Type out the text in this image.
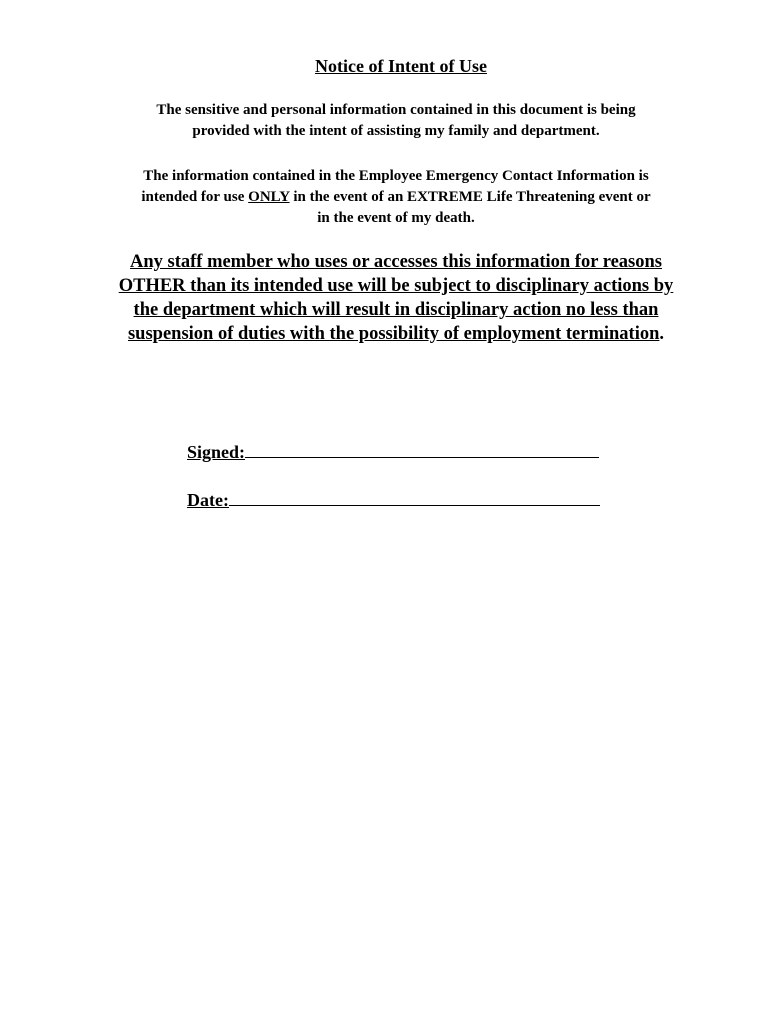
Notice of Intent of Use

The sensitive and personal information contained in this document is being
provided with the intent of assisting my family and department.

The information contained in the Employee Emergency Contact Information is
intended for use ONLY in the event of an EXTREME Life Threatening event or
in the event of my death.

Any staff member who uses or accesses this information for reasons
OTHER than its intended use will be subject to disciplinary actions by
the department which will result in disciplinary action no less than
suspension of duties with the possibility of employment termination.

Signed:
Date:
